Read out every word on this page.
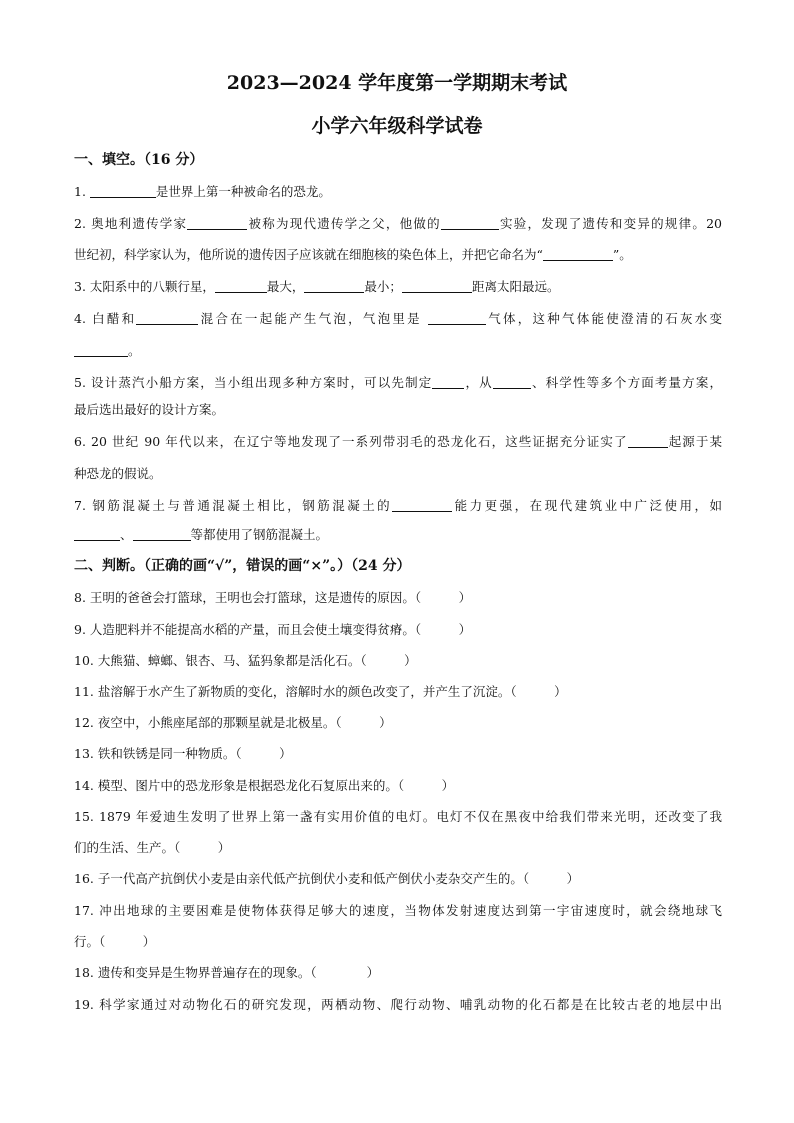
2023—2024 学年度第一学期期末考试
小学六年级科学试卷
一、填空。（16 分）
1.	是世界上第一种被命名的恐龙。
2. 奥地利遗传学家	被称为现代遗传学之父，他做的	实验，发现了遗传和变异的规律。20
世纪初，科学家认为，他所说的遗传因子应该就在细胞核的染色体上，并把它命名为“	”。
3. 太阳系中的八颗行星，	最大，	最小；	距离太阳最远。
4. 白醋和	混合在一起能产生气泡，气泡里是	气体，这种气体能使澄清的石灰水变
。
5. 设计蒸汽小船方案，当小组出现多种方案时，可以先制定	，从	、科学性等多个方面考量方案，
最后选出最好的设计方案。
6. 20 世纪 90 年代以来，在辽宁等地发现了一系列带羽毛的恐龙化石，这些证据充分证实了	起源于某
种恐龙的假说。
7. 钢筋混凝土与普通混凝土相比，钢筋混凝土的	能力更强，在现代建筑业中广泛使用，如
、	等都使用了钢筋混凝土。
二、判断。（正确的画“√”，错误的画“×”。）（24 分）
8. 王明的爸爸会打篮球，王明也会打篮球，这是遗传的原因。（　　　）
9. 人造肥料并不能提高水稻的产量，而且会使土壤变得贫瘠。（　　　）
10. 大熊猫、蟑螂、银杏、马、猛犸象都是活化石。（　　　）
11. 盐溶解于水产生了新物质的变化，溶解时水的颜色改变了，并产生了沉淀。（　　　）
12. 夜空中，小熊座尾部的那颗星就是北极星。（　　　）
13. 铁和铁锈是同一种物质。（　　　）
14. 模型、图片中的恐龙形象是根据恐龙化石复原出来的。（　　　）
15. 1879 年爱迪生发明了世界上第一盏有实用价值的电灯。电灯不仅在黑夜中给我们带来光明，还改变了我
们的生活、生产。（　　　）
16. 子一代高产抗倒伏小麦是由亲代低产抗倒伏小麦和低产倒伏小麦杂交产生的。（　　　）
17. 冲出地球的主要困难是使物体获得足够大的速度，当物体发射速度达到第一宇宙速度时，就会绕地球飞
行。（　　　）
18. 遗传和变异是生物界普遍存在的现象。（　　　　）
19. 科学家通过对动物化石的研究发现，两栖动物、爬行动物、哺乳动物的化石都是在比较古老的地层中出
